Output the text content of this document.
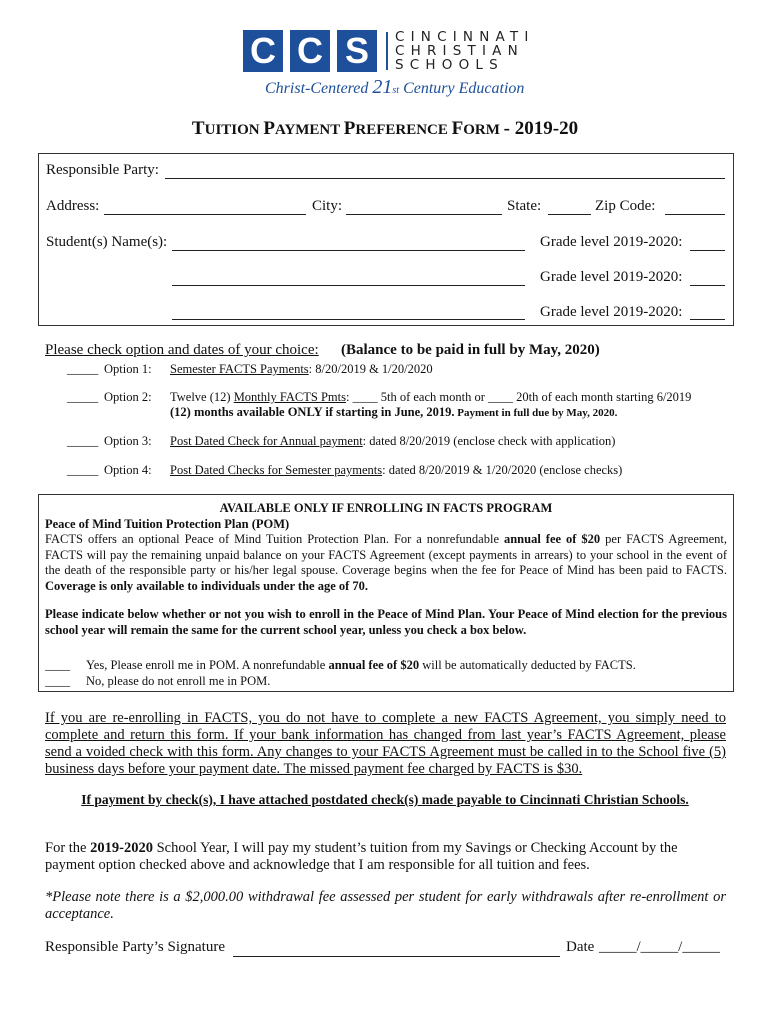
C C S	CINCINNATI
CHRISTIAN
SCHOOLS
Christ-Centered 21st Century Education
TUITION PAYMENT PREFERENCE FORM - 2019-20
Responsible Party:
Address:	City:	State:	Zip Code:
Student(s) Name(s):	Grade level 2019-2020:
Grade level 2019-2020:
Grade level 2019-2020:
Please check option and dates of your choice: (Balance to be paid in full by May, 2020)
_____ Option 1: Semester FACTS Payments: 8/20/2019 & 1/20/2020
_____ Option 2: Twelve (12) Monthly FACTS Pmts: ____ 5th of each month or ____ 20th of each month starting 6/2019
(12) months available ONLY if starting in June, 2019. Payment in full due by May, 2020.
_____ Option 3: Post Dated Check for Annual payment: dated 8/20/2019 (enclose check with application)
_____ Option 4: Post Dated Checks for Semester payments: dated 8/20/2019 & 1/20/2020 (enclose checks)
AVAILABLE ONLY IF ENROLLING IN FACTS PROGRAM
Peace of Mind Tuition Protection Plan (POM)
FACTS offers an optional Peace of Mind Tuition Protection Plan. For a nonrefundable annual fee of $20 per FACTS Agreement, FACTS will pay the remaining unpaid balance on your FACTS Agreement (except payments in arrears) to your school in the event of the death of the responsible party or his/her legal spouse. Coverage begins when the fee for Peace of Mind has been paid to FACTS. Coverage is only available to individuals under the age of 70.
Please indicate below whether or not you wish to enroll in the Peace of Mind Plan. Your Peace of Mind election for the previous school year will remain the same for the current school year, unless you check a box below.
____ Yes, Please enroll me in POM. A nonrefundable annual fee of $20 will be automatically deducted by FACTS.
____ No, please do not enroll me in POM.
If you are re-enrolling in FACTS, you do not have to complete a new FACTS Agreement, you simply need to complete and return this form. If your bank information has changed from last year’s FACTS Agreement, please send a voided check with this form. Any changes to your FACTS Agreement must be called in to the School five (5) business days before your payment date. The missed payment fee charged by FACTS is $30.
If payment by check(s), I have attached postdated check(s) made payable to Cincinnati Christian Schools.
For the 2019-2020 School Year, I will pay my student’s tuition from my Savings or Checking Account by the payment option checked above and acknowledge that I am responsible for all tuition and fees.
*Please note there is a $2,000.00 withdrawal fee assessed per student for early withdrawals after re-enrollment or acceptance.
Responsible Party’s Signature	Date _____/_____/_____
